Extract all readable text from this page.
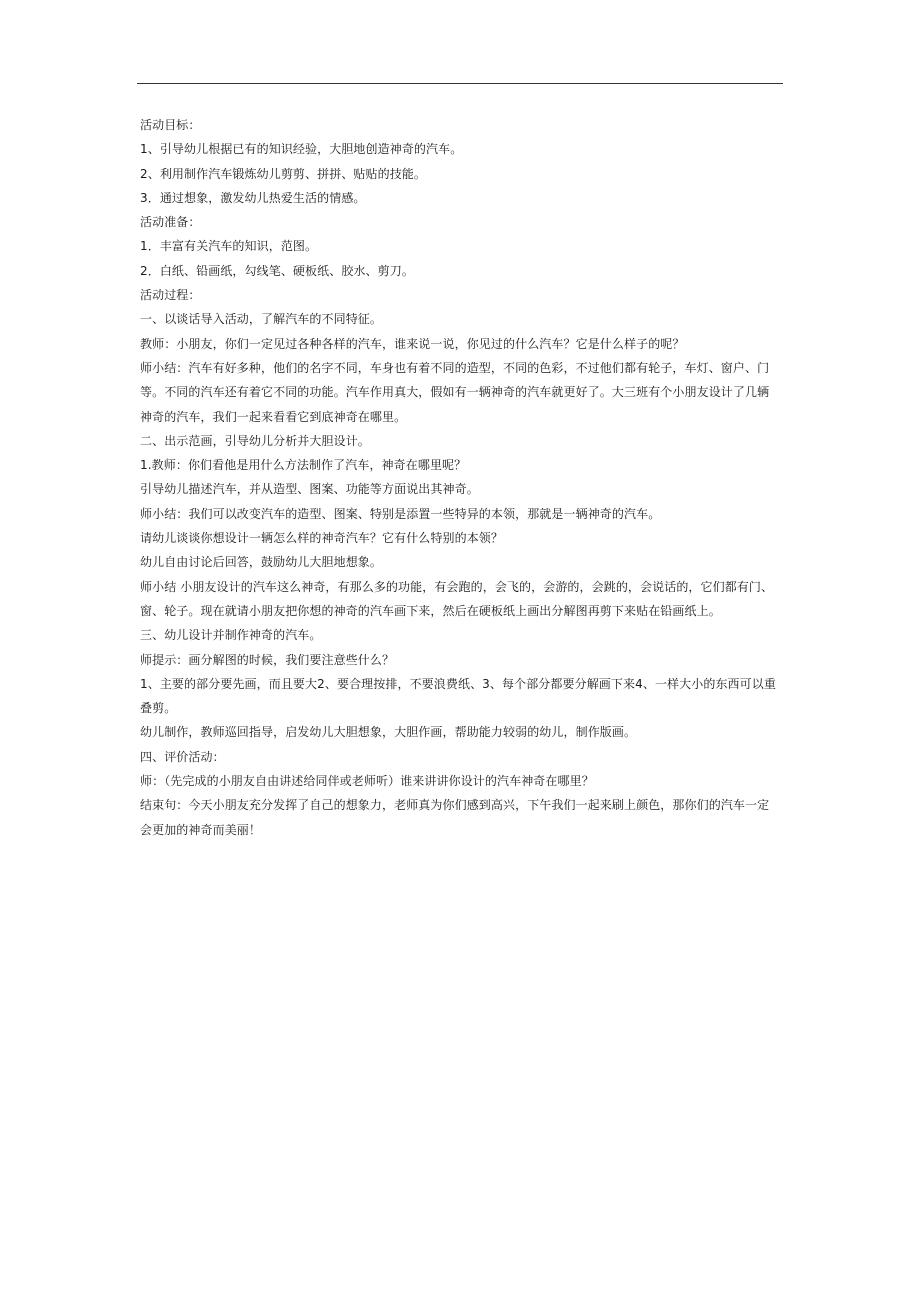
活动目标：
1、引导幼儿根据已有的知识经验，大胆地创造神奇的汽车。
2、利用制作汽车锻炼幼儿剪剪、拼拼、贴贴的技能。
3．通过想象，激发幼儿热爱生活的情感。
活动准备：
1．丰富有关汽车的知识，范图。
2．白纸、铅画纸，勾线笔、硬板纸、胶水、剪刀。
活动过程：
一、以谈话导入活动，了解汽车的不同特征。
教师：小朋友，你们一定见过各种各样的汽车，谁来说一说，你见过的什么汽车？它是什么样子的呢？
师小结：汽车有好多种，他们的名字不同，车身也有着不同的造型，不同的色彩，不过他们都有轮子，车灯、窗户、门
等。不同的汽车还有着它不同的功能。汽车作用真大，假如有一辆神奇的汽车就更好了。大三班有个小朋友设计了几辆
神奇的汽车，我们一起来看看它到底神奇在哪里。
二、出示范画，引导幼儿分析并大胆设计。
1.教师：你们看他是用什么方法制作了汽车，神奇在哪里呢？
引导幼儿描述汽车，并从造型、图案、功能等方面说出其神奇。
师小结：我们可以改变汽车的造型、图案、特别是添置一些特异的本领，那就是一辆神奇的汽车。
请幼儿谈谈你想设计一辆怎么样的神奇汽车？它有什么特别的本领？
幼儿自由讨论后回答，鼓励幼儿大胆地想象。
师小结 小朋友设计的汽车这么神奇，有那么多的功能，有会跑的，会飞的，会游的，会跳的，会说话的，它们都有门、
窗、轮子。现在就请小朋友把你想的神奇的汽车画下来，然后在硬板纸上画出分解图再剪下来贴在铅画纸上。
三、幼儿设计并制作神奇的汽车。
师提示：画分解图的时候，我们要注意些什么？
1、主要的部分要先画，而且要大2、要合理按排，不要浪费纸、3、每个部分都要分解画下来4、一样大小的东西可以重
叠剪。
幼儿制作，教师巡回指导，启发幼儿大胆想象，大胆作画，帮助能力较弱的幼儿，制作版画。
四、评价活动：
师：（先完成的小朋友自由讲述给同伴或老师听）谁来讲讲你设计的汽车神奇在哪里？
结束句：今天小朋友充分发挥了自己的想象力，老师真为你们感到高兴，下午我们一起来刷上颜色，那你们的汽车一定
会更加的神奇而美丽！
